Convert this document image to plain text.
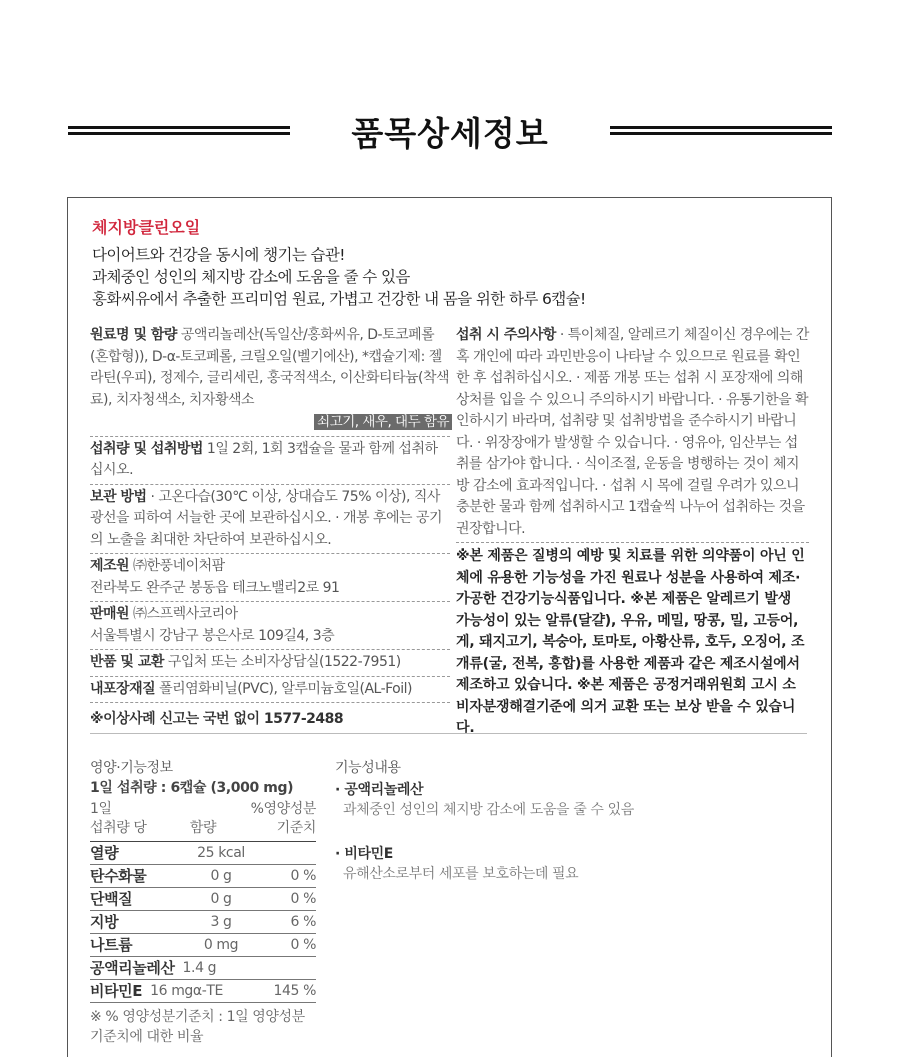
품목상세정보
체지방클린오일
다이어트와 건강을 동시에 챙기는 습관!
과체중인 성인의 체지방 감소에 도움을 줄 수 있음
홍화씨유에서 추출한 프리미엄 원료, 가볍고 건강한 내 몸을 위한 하루 6캡슐!
원료명 및 함량 공액리놀레산(독일산/홍화씨유, D-토코페롤(혼합형)), D-α-토코페롤, 크릴오일(벨기에산), *캡슐기제: 젤라틴(우피), 정제수, 글리세린, 홍국적색소, 이산화티타늄(착색료), 치자청색소, 치자황색소
쇠고기, 새우, 대두 함유
섭취량 및 섭취방법 1일 2회, 1회 3캡슐을 물과 함께 섭취하십시오.
보관 방법 · 고온다습(30℃ 이상, 상대습도 75% 이상), 직사광선을 피하여 서늘한 곳에 보관하십시오. · 개봉 후에는 공기의 노출을 최대한 차단하여 보관하십시오.
제조원 ㈜한풍네이처팜
전라북도 완주군 봉동읍 테크노밸리2로 91
판매원 ㈜스프렉사코리아
서울특별시 강남구 봉은사로 109길4, 3층
반품 및 교환 구입처 또는 소비자상담실(1522-7951)
내포장재질 폴리염화비닐(PVC), 알루미늄호일(AL-Foil)
※이상사례 신고는 국번 없이 1577-2488
섭취 시 주의사항 · 특이체질, 알레르기 체질이신 경우에는 간혹 개인에 따라 과민반응이 나타날 수 있으므로 원료를 확인한 후 섭취하십시오. · 제품 개봉 또는 섭취 시 포장재에 의해 상처를 입을 수 있으니 주의하시기 바랍니다. · 유통기한을 확인하시기 바라며, 섭취량 및 섭취방법을 준수하시기 바랍니다. · 위장장애가 발생할 수 있습니다. · 영유아, 임산부는 섭취를 삼가야 합니다. · 식이조절, 운동을 병행하는 것이 체지방 감소에 효과적입니다. · 섭취 시 목에 걸릴 우려가 있으니 충분한 물과 함께 섭취하시고 1캡슐씩 나누어 섭취하는 것을 권장합니다.
※본 제품은 질병의 예방 및 치료를 위한 의약품이 아닌 인체에 유용한 기능성을 가진 원료나 성분을 사용하여 제조·가공한 건강기능식품입니다. ※본 제품은 알레르기 발생 가능성이 있는 알류(달걀), 우유, 메밀, 땅콩, 밀, 고등어, 게, 돼지고기, 복숭아, 토마토, 아황산류, 호두, 오징어, 조개류(굴, 전복, 홍합)를 사용한 제품과 같은 제조시설에서 제조하고 있습니다. ※본 제품은 공정거래위원회 고시 소비자분쟁해결기준에 의거 교환 또는 보상 받을 수 있습니다.
영양·기능정보
1일 섭취량 : 6캡슐 (3,000 mg)
1일
섭취량 당	함량
%영양성분
기준치
열량	25 kcal
탄수화물	0 g	0 %
단백질	0 g	0 %
지방	3 g	6 %
나트륨	0 mg	0 %
공액리놀레산 1.4 g
비타민E 16 mgα-TE	145 %
※ % 영양성분기준치 : 1일 영양성분
기준치에 대한 비율
기능성내용
· 공액리놀레산
과체중인 성인의 체지방 감소에 도움을 줄 수 있음
· 비타민E
유해산소로부터 세포를 보호하는데 필요
